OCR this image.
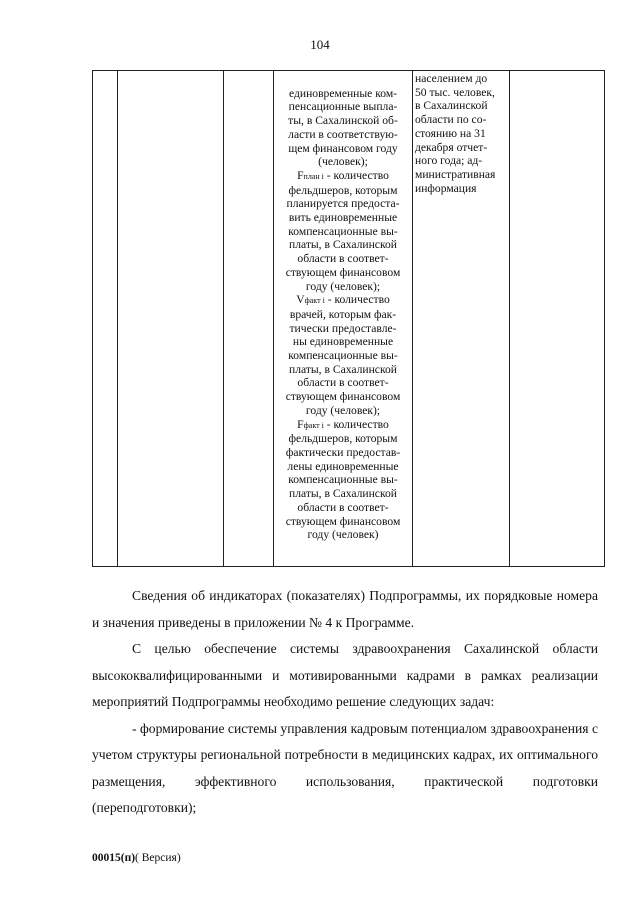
104

единовременные ком-
пенсационные выпла-
ты, в Сахалинской об-
ласти в соответствую-
щем финансовом году
(человек);
Fплан i - количество
фельдшеров, которым
планируется предоста-
вить единовременные
компенсационные вы-
платы, в Сахалинской
области в соответ-
ствующем финансовом
году (человек);
Vфакт i - количество
врачей, которым фак-
тически предоставле-
ны единовременные
компенсационные вы-
платы, в Сахалинской
области в соответ-
ствующем финансовом
году (человек);
Fфакт i - количество
фельдшеров, которым
фактически предостав-
лены единовременные
компенсационные вы-
платы, в Сахалинской
области в соответ-
ствующем финансовом
году (человек)

населением до
50 тыс. человек,
в Сахалинской
области по со-
стоянию на 31
декабря отчет-
ного года; ад-
министративная
информация

Сведения об индикаторах (показателях) Подпрограммы, их порядковые номера и значения приведены в приложении № 4 к Программе.

С целью обеспечение системы здравоохранения Сахалинской области высококвалифицированными и мотивированными кадрами в рамках реализации мероприятий Подпрограммы необходимо решение следующих задач:

- формирование системы управления кадровым потенциалом здравоохранения с учетом структуры региональной потребности в медицинских кадрах, их оптимального размещения, эффективного использования, практической подготовки (переподготовки);

00015(п)( Версия)
